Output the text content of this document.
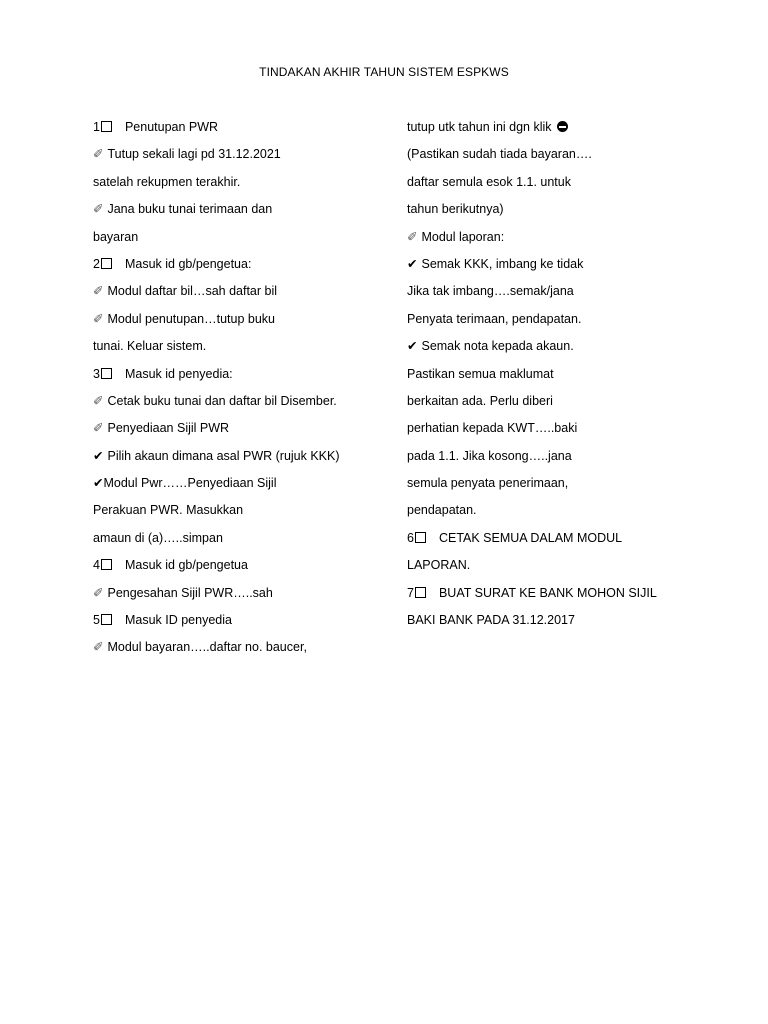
TINDAKAN AKHIR TAHUN SISTEM ESPKWS
1 Penutupan PWR
✐ Tutup sekali lagi pd 31.12.2021
satelah rekupmen terakhir.
✐ Jana buku tunai terimaan dan
bayaran
2 Masuk id gb/pengetua:
✐ Modul daftar bil…sah daftar bil
✐ Modul penutupan…tutup buku
tunai. Keluar sistem.
3 Masuk id penyedia:
✐ Cetak buku tunai dan daftar bil Disember.
✐ Penyediaan Sijil PWR
✔ Pilih akaun dimana asal PWR (rujuk KKK)
✔Modul Pwr……Penyediaan Sijil
Perakuan PWR. Masukkan
amaun di (a)…..simpan
4 Masuk id gb/pengetua
✐ Pengesahan Sijil PWR…..sah
5 Masuk ID penyedia
✐ Modul bayaran…..daftar no. baucer,
tutup utk tahun ini dgn klik
(Pastikan sudah tiada bayaran….
daftar semula esok 1.1. untuk
tahun berikutnya)
✐ Modul laporan:
✔ Semak KKK, imbang ke tidak
Jika tak imbang….semak/jana
Penyata terimaan, pendapatan.
✔ Semak nota kepada akaun.
Pastikan semua maklumat
berkaitan ada. Perlu diberi
perhatian kepada KWT…..baki
pada 1.1. Jika kosong…..jana
semula penyata penerimaan,
pendapatan.
6 CETAK SEMUA DALAM MODUL
LAPORAN.
7 BUAT SURAT KE BANK MOHON SIJIL
BAKI BANK PADA 31.12.2017
